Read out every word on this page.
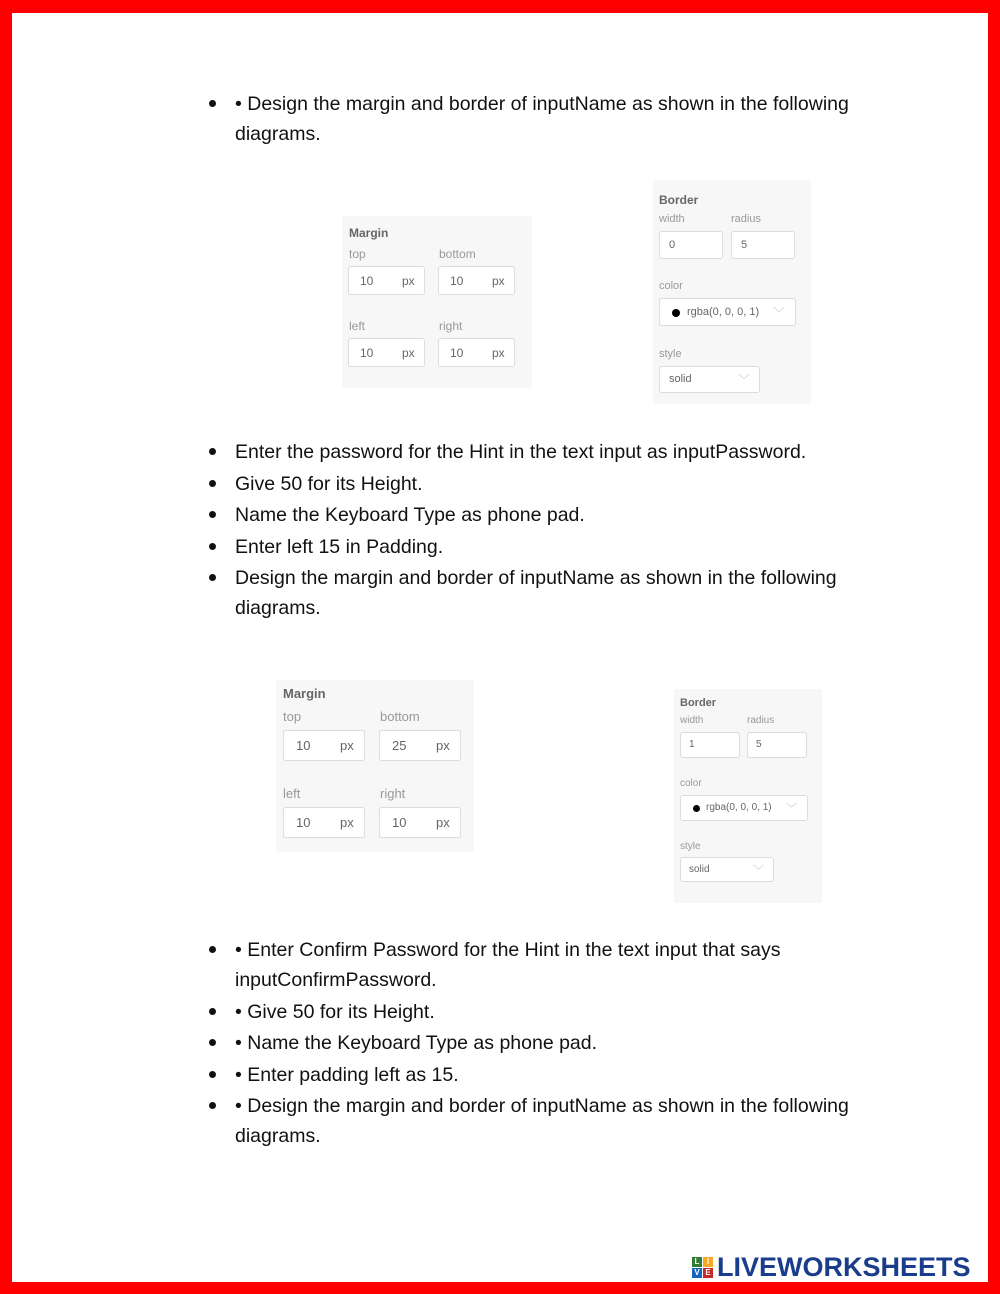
• Design the margin and border of inputName as shown in the following diagrams.
Margin
top	bottom
10 px	10 px
left	right
10 px	10 px
Border
width	radius
0	5
color
rgba(0, 0, 0, 1) ﹀
style
solid	﹀
Enter the password for the Hint in the text input as inputPassword.
Give 50 for its Height.
Name the Keyboard Type as phone pad.
Enter left 15 in Padding.
Design the margin and border of inputName as shown in the following diagrams.
Margin
top	bottom
10 px	25 px
left	right
10 px	10 px
Border
width	radius
1	5
color
rgba(0, 0, 0, 1) ﹀
style
solid	﹀
• Enter Confirm Password for the Hint in the text input that says inputConfirmPassword.
• Give 50 for its Height.
• Name the Keyboard Type as phone pad.
• Enter padding left as 15.
• Design the margin and border of inputName as shown in the following diagrams.
L I
V E LIVEWORKSHEETS
